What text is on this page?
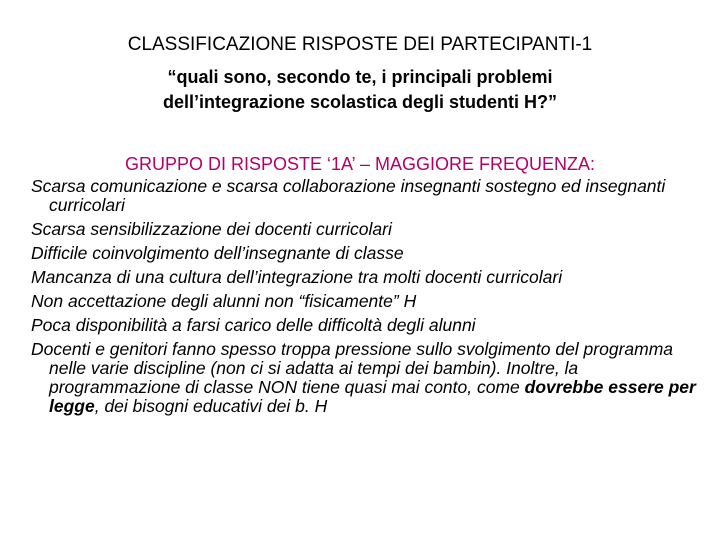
CLASSIFICAZIONE RISPOSTE DEI PARTECIPANTI-1
“quali sono, secondo te, i principali problemi
dell’integrazione scolastica degli studenti H?”
GRUPPO DI RISPOSTE ‘1A’ – MAGGIORE FREQUENZA:
Scarsa comunicazione e scarsa collaborazione insegnanti sostegno ed insegnanti curricolari
Scarsa sensibilizzazione dei docenti curricolari
Difficile coinvolgimento dell’insegnante di classe
Mancanza di una cultura dell’integrazione tra molti docenti curricolari
Non accettazione degli alunni non “fisicamente” H
Poca disponibilità a farsi carico delle difficoltà degli alunni
Docenti e genitori fanno spesso troppa pressione sullo svolgimento del programma nelle varie discipline (non ci si adatta ai tempi dei bambin). Inoltre, la programmazione di classe NON tiene quasi mai conto, come dovrebbe essere per legge, dei bisogni educativi dei b. H
